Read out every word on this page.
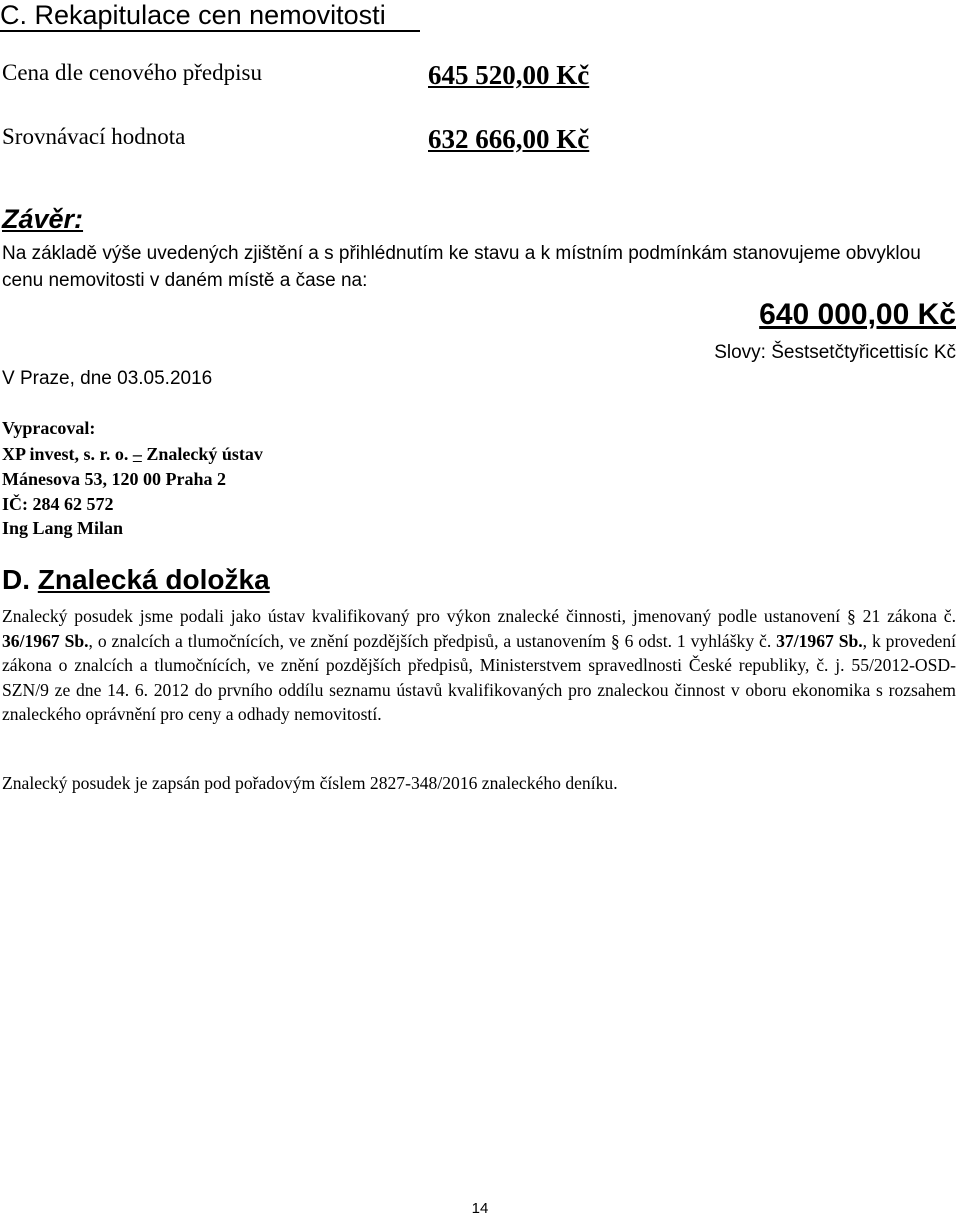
C. Rekapitulace cen nemovitosti
Cena dle cenového předpisu	645 520,00 Kč
Srovnávací hodnota	632 666,00 Kč
Závěr:
Na základě výše uvedených zjištění a s přihlédnutím ke stavu a k místním podmínkám stanovujeme obvyklou cenu nemovitosti v daném místě a čase na:
640 000,00 Kč
Slovy: Šestsetčtyřicettisíc Kč
V Praze, dne 03.05.2016
Vypracoval:
XP invest, s. r. o. – Znalecký ústav
Mánesova 53, 120 00 Praha 2
IČ: 284 62 572
Ing Lang Milan
D. Znalecká doložka
Znalecký posudek jsme podali jako ústav kvalifikovaný pro výkon znalecké činnosti, jmenovaný podle ustanovení § 21 zákona č. 36/1967 Sb., o znalcích a tlumočnících, ve znění pozdějších předpisů, a ustanovením § 6 odst. 1 vyhlášky č. 37/1967 Sb., k provedení zákona o znalcích a tlumočnících, ve znění pozdějších předpisů, Ministerstvem spravedlnosti České republiky, č. j. 55/2012-OSD-SZN/9 ze dne 14. 6. 2012 do prvního oddílu seznamu ústavů kvalifikovaných pro znaleckou činnost v oboru ekonomika s rozsahem znaleckého oprávnění pro ceny a odhady nemovitostí.
Znalecký posudek je zapsán pod pořadovým číslem 2827-348/2016 znaleckého deníku.
14
